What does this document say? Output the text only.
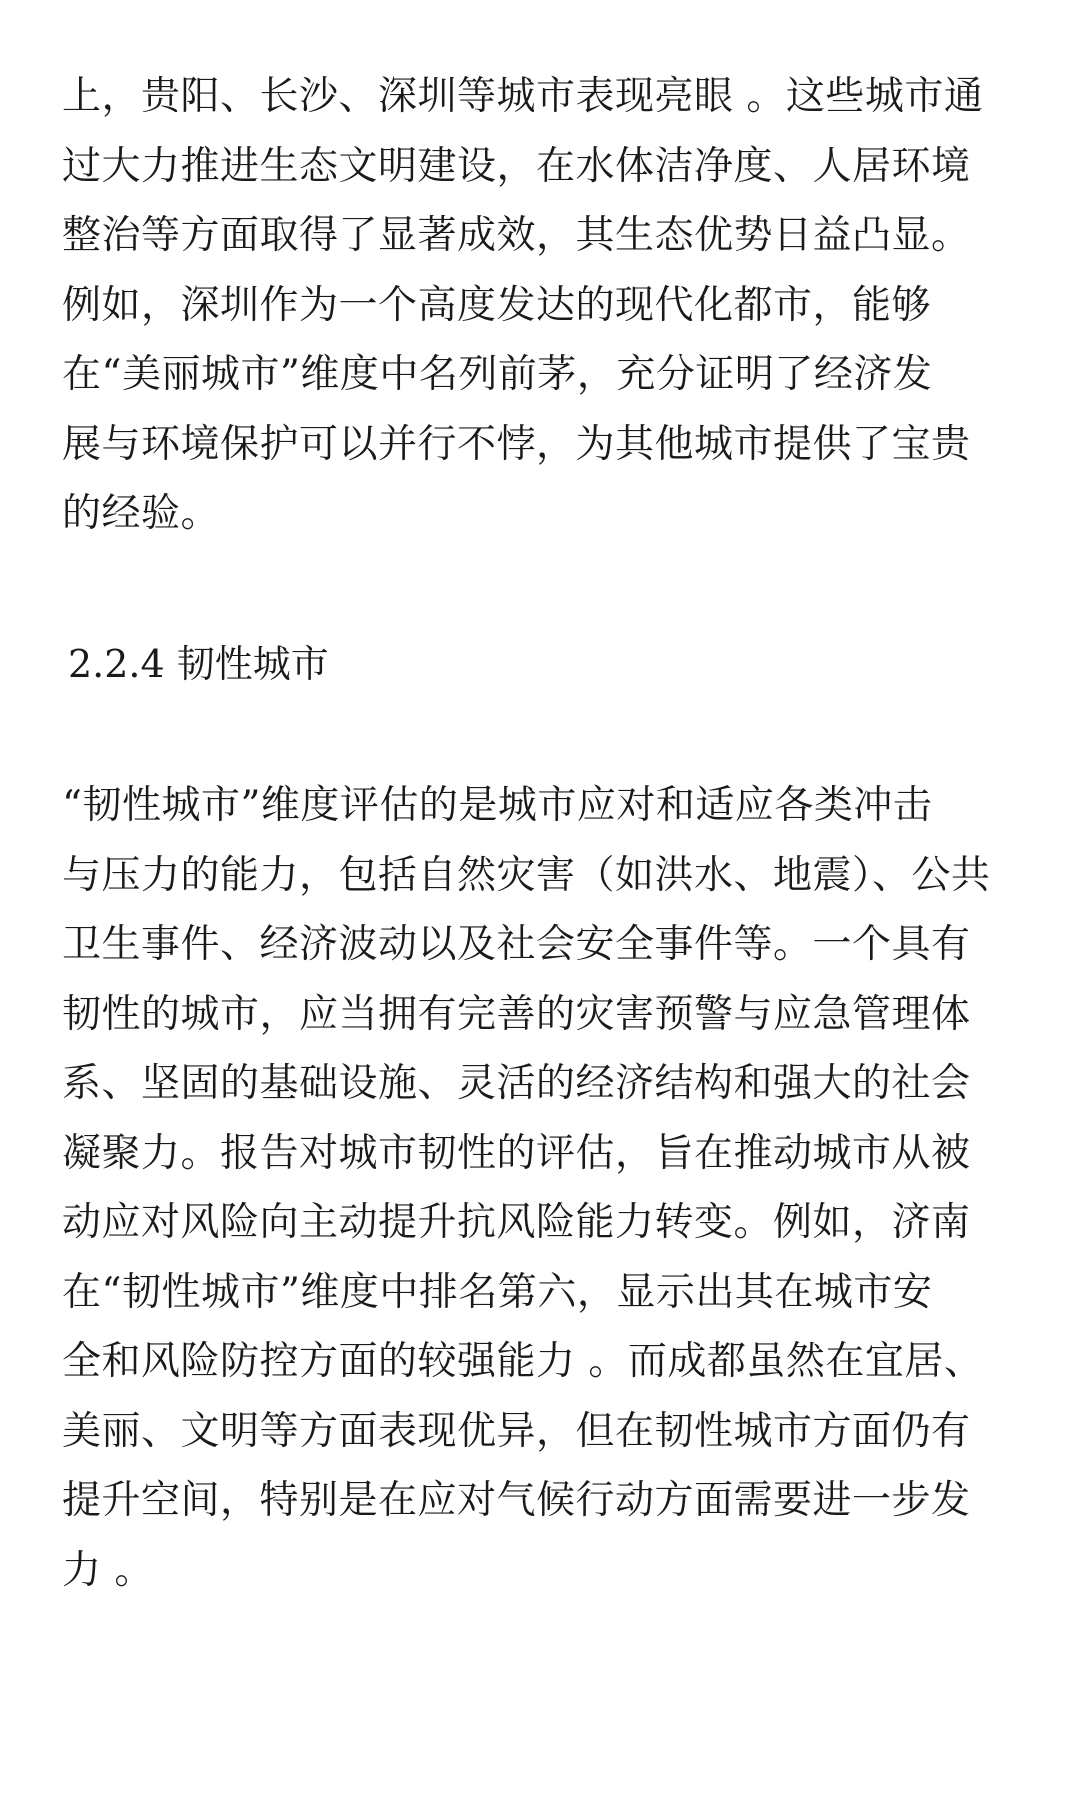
上，贵阳、长沙、深圳等城市表现亮眼 。这些城市通
过大力推进生态文明建设，在水体洁净度、人居环境
整治等方面取得了显著成效，其生态优势日益凸显。
例如，深圳作为一个高度发达的现代化都市，能够
在“美丽城市”维度中名列前茅，充分证明了经济发
展与环境保护可以并行不悖，为其他城市提供了宝贵
的经验。
2.2.4 韧性城市
“韧性城市”维度评估的是城市应对和适应各类冲击
与压力的能力，包括自然灾害（如洪水、地震）、公共
卫生事件、经济波动以及社会安全事件等。一个具有
韧性的城市，应当拥有完善的灾害预警与应急管理体
系、坚固的基础设施、灵活的经济结构和强大的社会
凝聚力。报告对城市韧性的评估，旨在推动城市从被
动应对风险向主动提升抗风险能力转变。例如，济南
在“韧性城市”维度中排名第六，显示出其在城市安
全和风险防控方面的较强能力 。而成都虽然在宜居、
美丽、文明等方面表现优异，但在韧性城市方面仍有
提升空间，特别是在应对气候行动方面需要进一步发
力 。
